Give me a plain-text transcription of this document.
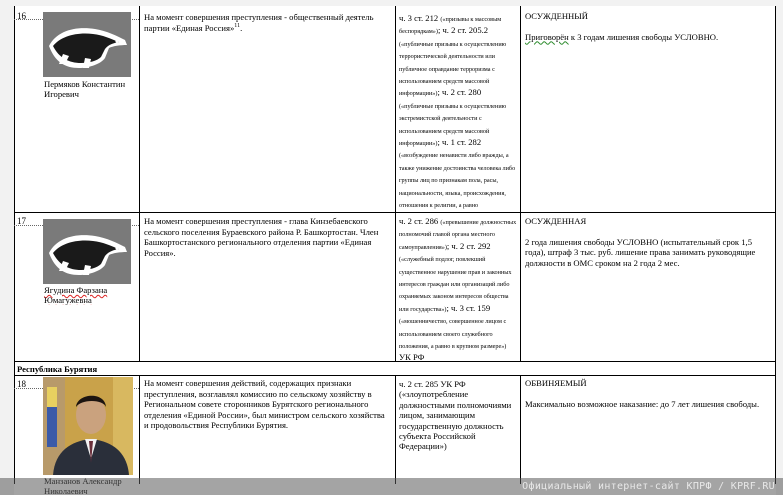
16
Пермяков Константин Игоревич
На момент совершения преступления - общественный деятель партии «Единая Россия»$^{11}$.
ч. 3 ст. 212 («призывы к массовым беспорядкам»); ч. 2 ст. 205.2 («публичные призывы к осуществлению террористической деятельности или публичное оправдание терроризма с использованием средств массовой информации»); ч. 2 ст. 280 («публичные призывы к осуществлению экстремистской деятельности с использованием средств массовой информации»); ч. 1 ст. 282 («возбуждение ненависти либо вражды, а также унижение достоинства человека либо группы лиц по признакам пола, расы, национальности, языка, происхождения, отношения к религии, а равно

ОСУЖДЕННЫЙ

Приговорён к 3 годам лишения свободы УСЛОВНО.

17
Ягудина Фарзана Юмагужевна
На момент совершения преступления - глава Кинзебаевского сельского поселения Бураевского района Р. Башкортостан. Член Башкортостанского регионального отделения партии «Единая Россия».
ч. 2 ст. 286 («превышение должностных полномочий главой органа местного самоуправления»); ч. 2 ст. 292 («служебный подлог, повлекший существенное нарушение прав и законных интересов граждан или организаций либо охраняемых законом интересов общества или государства»); ч. 3 ст. 159 («мошенничество, совершенное лицом с использованием своего служебного положения, а равно в крупном размере») УК РФ

ОСУЖДЕННАЯ

2 года лишения свободы УСЛОВНО (испытательный срок 1,5 года), штраф 3 тыс. руб. лишение права занимать руководящие должности в ОМС сроком на 2 года 2 мес.

Республика Бурятия
18	На момент совершения действий, содержащих признаки преступления, возглавлял комиссию по сельскому хозяйству в Региональном совете сторонников Бурятского регионального отделения «Единой России», был министром сельского хозяйства и продовольствия Республики Бурятия.
ч. 2 ст. 285 УК РФ («злоупотребление должностными полномочиями лицом, занимающим государственную должность субъекта Российской Федерации»)

ОБВИНЯЕМЫЙ

Максимально возможное наказание: до 7 лет лишения свободы.

Официальный интернет-сайт КПРФ / KPRF.RU
